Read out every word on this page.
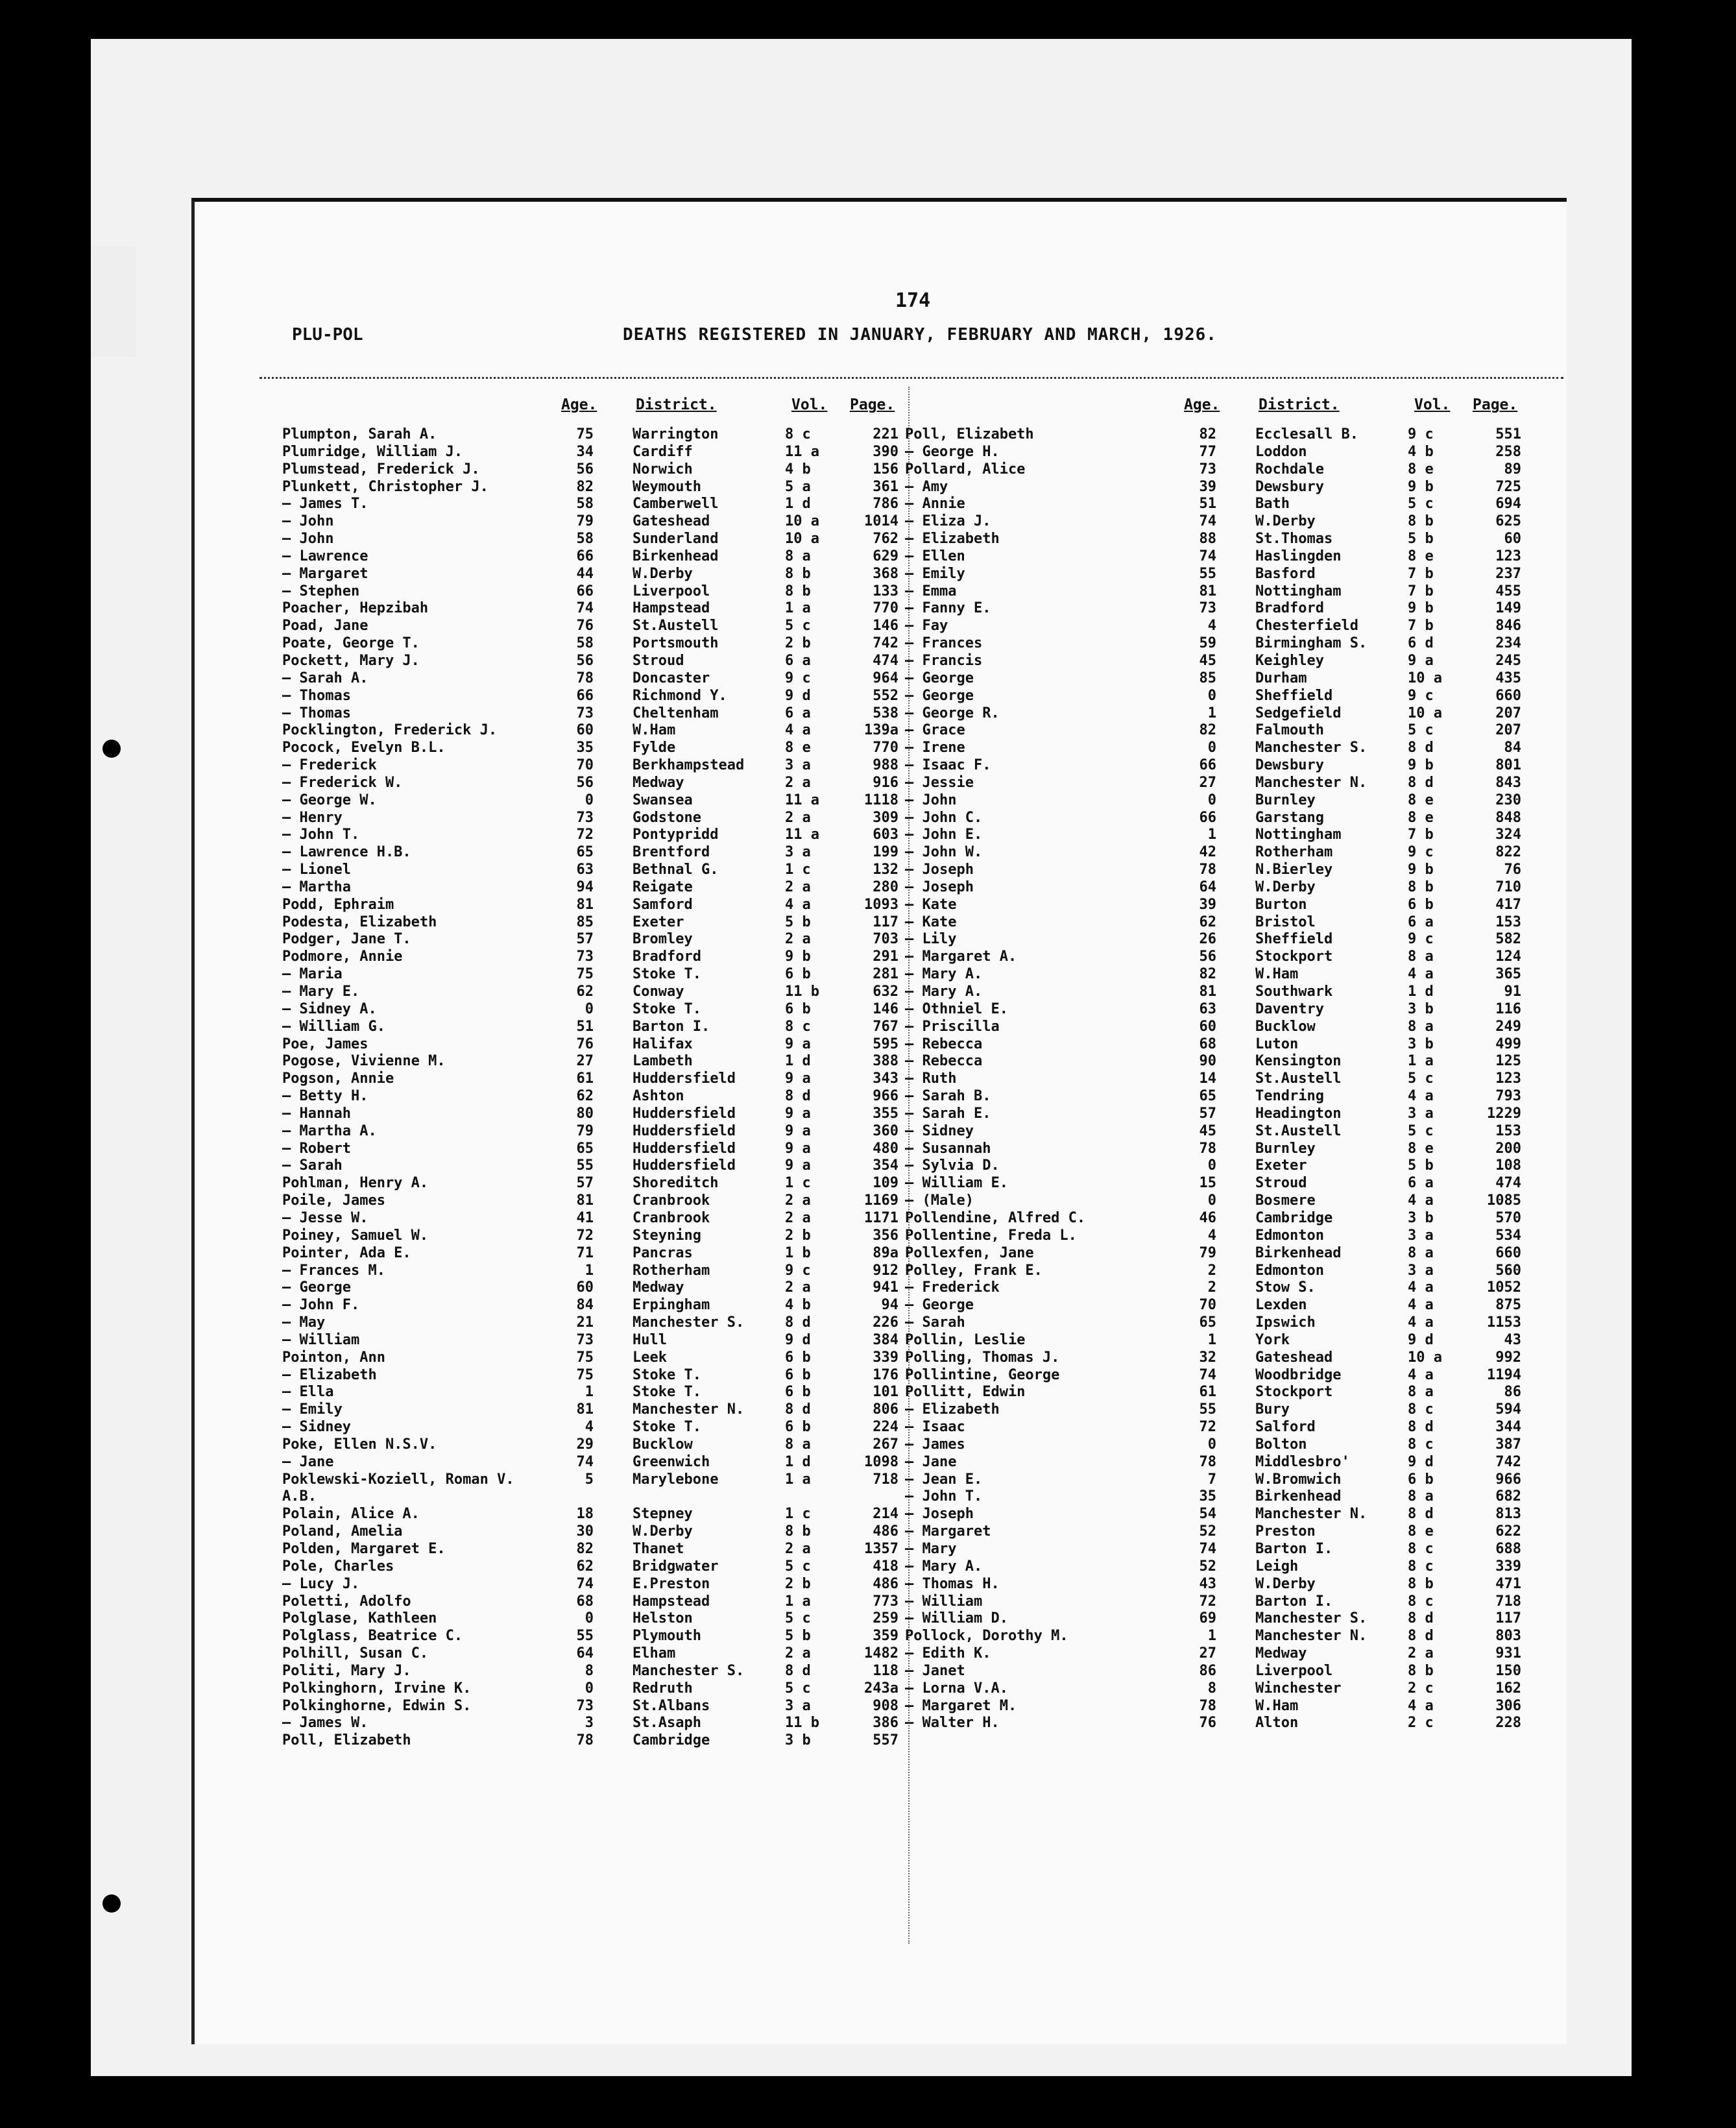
174
PLU-POL	DEATHS REGISTERED IN JANUARY, FEBRUARY AND MARCH, 1926.
Age.	District.	Vol.	Page.
Plumpton, Sarah A.	75	Warrington	8 c	221
Plumridge, William J.	34	Cardiff	11 a	390
Plumstead, Frederick J.	56	Norwich	4 b	156
Plunkett, Christopher J.	82	Weymouth	5 a	361
— James T.	58	Camberwell	1 d	786
— John	79	Gateshead	10 a	1014
— John	58	Sunderland	10 a	762
— Lawrence	66	Birkenhead	8 a	629
— Margaret	44	W.Derby	8 b	368
— Stephen	66	Liverpool	8 b	133
Poacher, Hepzibah	74	Hampstead	1 a	770
Poad, Jane	76	St.Austell	5 c	146
Poate, George T.	58	Portsmouth	2 b	742
Pockett, Mary J.	56	Stroud	6 a	474
— Sarah A.	78	Doncaster	9 c	964
— Thomas	66	Richmond Y.	9 d	552
— Thomas	73	Cheltenham	6 a	538
Pocklington, Frederick J.	60	W.Ham	4 a	139a
Pocock, Evelyn B.L.	35	Fylde	8 e	770
— Frederick	70	Berkhampstead	3 a	988
— Frederick W.	56	Medway	2 a	916
— George W.	0	Swansea	11 a	1118
— Henry	73	Godstone	2 a	309
— John T.	72	Pontypridd	11 a	603
— Lawrence H.B.	65	Brentford	3 a	199
— Lionel	63	Bethnal G.	1 c	132
— Martha	94	Reigate	2 a	280
Podd, Ephraim	81	Samford	4 a	1093
Podesta, Elizabeth	85	Exeter	5 b	117
Podger, Jane T.	57	Bromley	2 a	703
Podmore, Annie	73	Bradford	9 b	291
— Maria	75	Stoke T.	6 b	281
— Mary E.	62	Conway	11 b	632
— Sidney A.	0	Stoke T.	6 b	146
— William G.	51	Barton I.	8 c	767
Poe, James	76	Halifax	9 a	595
Pogose, Vivienne M.	27	Lambeth	1 d	388
Pogson, Annie	61	Huddersfield	9 a	343
— Betty H.	62	Ashton	8 d	966
— Hannah	80	Huddersfield	9 a	355
— Martha A.	79	Huddersfield	9 a	360
— Robert	65	Huddersfield	9 a	480
— Sarah	55	Huddersfield	9 a	354
Pohlman, Henry A.	57	Shoreditch	1 c	109
Poile, James	81	Cranbrook	2 a	1169
— Jesse W.	41	Cranbrook	2 a	1171
Poiney, Samuel W.	72	Steyning	2 b	356
Pointer, Ada E.	71	Pancras	1 b	89a
— Frances M.	1	Rotherham	9 c	912
— George	60	Medway	2 a	941
— John F.	84	Erpingham	4 b	94
— May	21	Manchester S.	8 d	226
— William	73	Hull	9 d	384
Pointon, Ann	75	Leek	6 b	339
— Elizabeth	75	Stoke T.	6 b	176
— Ella	1	Stoke T.	6 b	101
— Emily	81	Manchester N.	8 d	806
— Sidney	4	Stoke T.	6 b	224
Poke, Ellen N.S.V.	29	Bucklow	8 a	267
— Jane	74	Greenwich	1 d	1098
Poklewski-Koziell, Roman V.	5	Marylebone	1 a	718
A.B.
Polain, Alice A.	18	Stepney	1 c	214
Poland, Amelia	30	W.Derby	8 b	486
Polden, Margaret E.	82	Thanet	2 a	1357
Pole, Charles	62	Bridgwater	5 c	418
— Lucy J.	74	E.Preston	2 b	486
Poletti, Adolfo	68	Hampstead	1 a	773
Polglase, Kathleen	0	Helston	5 c	259
Polglass, Beatrice C.	55	Plymouth	5 b	359
Polhill, Susan C.	64	Elham	2 a	1482
Politi, Mary J.	8	Manchester S.	8 d	118
Polkinghorn, Irvine K.	0	Redruth	5 c	243a
Polkinghorne, Edwin S.	73	St.Albans	3 a	908
— James W.	3	St.Asaph	11 b	386
Poll, Elizabeth	78	Cambridge	3 b	557
Age.	District.	Vol.	Page.
Poll, Elizabeth	82	Ecclesall B.	9 c	551
— George H.	77	Loddon	4 b	258
Pollard, Alice	73	Rochdale	8 e	89
— Amy	39	Dewsbury	9 b	725
— Annie	51	Bath	5 c	694
— Eliza J.	74	W.Derby	8 b	625
— Elizabeth	88	St.Thomas	5 b	60
— Ellen	74	Haslingden	8 e	123
— Emily	55	Basford	7 b	237
— Emma	81	Nottingham	7 b	455
— Fanny E.	73	Bradford	9 b	149
— Fay	4	Chesterfield	7 b	846
— Frances	59	Birmingham S.	6 d	234
— Francis	45	Keighley	9 a	245
— George	85	Durham	10 a	435
— George	0	Sheffield	9 c	660
— George R.	1	Sedgefield	10 a	207
— Grace	82	Falmouth	5 c	207
— Irene	0	Manchester S.	8 d	84
— Isaac F.	66	Dewsbury	9 b	801
— Jessie	27	Manchester N.	8 d	843
— John	0	Burnley	8 e	230
— John C.	66	Garstang	8 e	848
— John E.	1	Nottingham	7 b	324
— John W.	42	Rotherham	9 c	822
— Joseph	78	N.Bierley	9 b	76
— Joseph	64	W.Derby	8 b	710
— Kate	39	Burton	6 b	417
— Kate	62	Bristol	6 a	153
— Lily	26	Sheffield	9 c	582
— Margaret A.	56	Stockport	8 a	124
— Mary A.	82	W.Ham	4 a	365
— Mary A.	81	Southwark	1 d	91
— Othniel E.	63	Daventry	3 b	116
— Priscilla	60	Bucklow	8 a	249
— Rebecca	68	Luton	3 b	499
— Rebecca	90	Kensington	1 a	125
— Ruth	14	St.Austell	5 c	123
— Sarah B.	65	Tendring	4 a	793
— Sarah E.	57	Headington	3 a	1229
— Sidney	45	St.Austell	5 c	153
— Susannah	78	Burnley	8 e	200
— Sylvia D.	0	Exeter	5 b	108
— William E.	15	Stroud	6 a	474
— (Male)	0	Bosmere	4 a	1085
Pollendine, Alfred C.	46	Cambridge	3 b	570
Pollentine, Freda L.	4	Edmonton	3 a	534
Pollexfen, Jane	79	Birkenhead	8 a	660
Polley, Frank E.	2	Edmonton	3 a	560
— Frederick	2	Stow S.	4 a	1052
— George	70	Lexden	4 a	875
— Sarah	65	Ipswich	4 a	1153
Pollin, Leslie	1	York	9 d	43
Polling, Thomas J.	32	Gateshead	10 a	992
Pollintine, George	74	Woodbridge	4 a	1194
Pollitt, Edwin	61	Stockport	8 a	86
— Elizabeth	55	Bury	8 c	594
— Isaac	72	Salford	8 d	344
— James	0	Bolton	8 c	387
— Jane	78	Middlesbro'	9 d	742
— Jean E.	7	W.Bromwich	6 b	966
— John T.	35	Birkenhead	8 a	682
— Joseph	54	Manchester N.	8 d	813
— Margaret	52	Preston	8 e	622
— Mary	74	Barton I.	8 c	688
— Mary A.	52	Leigh	8 c	339
— Thomas H.	43	W.Derby	8 b	471
— William	72	Barton I.	8 c	718
— William D.	69	Manchester S.	8 d	117
Pollock, Dorothy M.	1	Manchester N.	8 d	803
— Edith K.	27	Medway	2 a	931
— Janet	86	Liverpool	8 b	150
— Lorna V.A.	8	Winchester	2 c	162
— Margaret M.	78	W.Ham	4 a	306
— Walter H.	76	Alton	2 c	228
